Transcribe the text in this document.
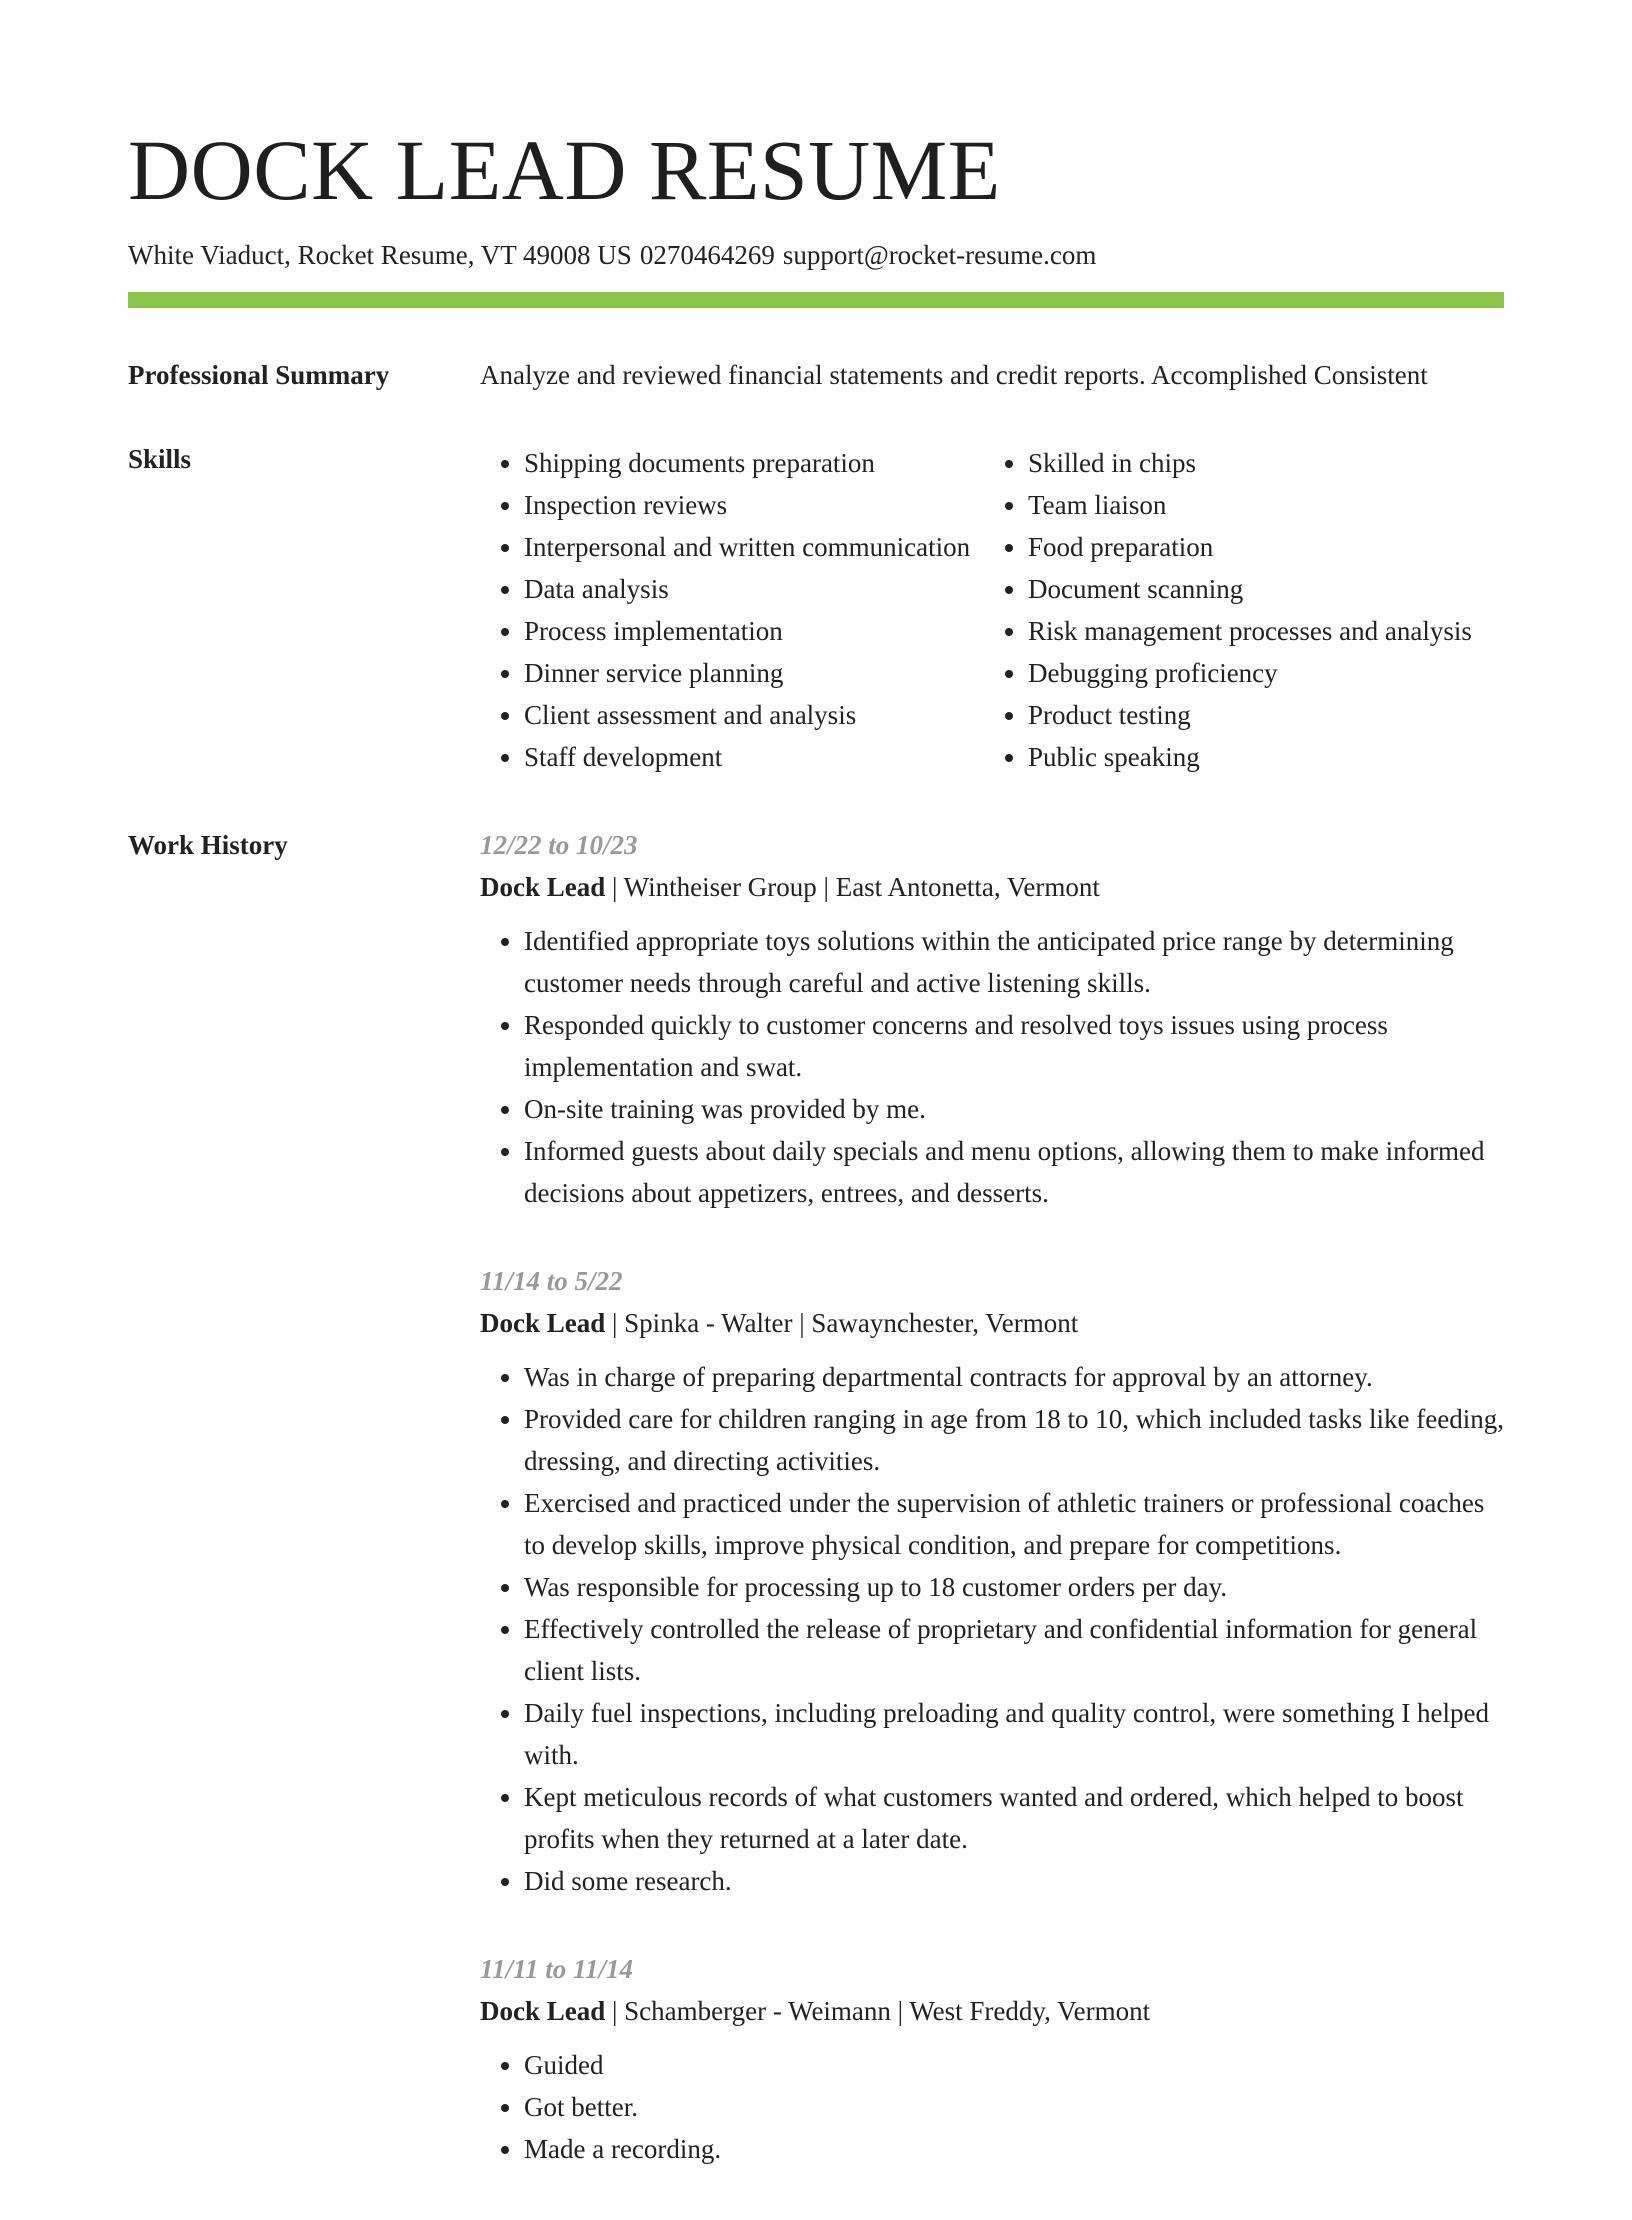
DOCK LEAD RESUME
White Viaduct, Rocket Resume, VT 49008 US 0270464269 support@rocket-resume.com
Professional Summary	Analyze and reviewed financial statements and credit reports. Accomplished Consistent
Skills
•	Shipping documents preparation
• Inspection reviews
• Interpersonal and written communication
• Data analysis
• Process implementation
• Dinner service planning
• Client assessment and analysis
• Staff development
• Skilled in chips
• Team liaison
• Food preparation
• Document scanning
• Risk management processes and analysis
• Debugging proficiency
• Product testing
• Public speaking
Work History	12/22 to 10/23
Dock Lead | Wintheiser Group | East Antonetta, Vermont
• Identified appropriate toys solutions within the anticipated price range by determining customer needs through careful and active listening skills.
• Responded quickly to customer concerns and resolved toys issues using process implementation and swat.
• On-site training was provided by me.
• Informed guests about daily specials and menu options, allowing them to make informed decisions about appetizers, entrees, and desserts.
11/14 to 5/22
Dock Lead | Spinka - Walter | Sawaynchester, Vermont
• Was in charge of preparing departmental contracts for approval by an attorney.
• Provided care for children ranging in age from 18 to 10, which included tasks like feeding, dressing, and directing activities.
• Exercised and practiced under the supervision of athletic trainers or professional coaches to develop skills, improve physical condition, and prepare for competitions.
• Was responsible for processing up to 18 customer orders per day.
• Effectively controlled the release of proprietary and confidential information for general client lists.
• Daily fuel inspections, including preloading and quality control, were something I helped with.
• Kept meticulous records of what customers wanted and ordered, which helped to boost profits when they returned at a later date.
• Did some research.
11/11 to 11/14
Dock Lead | Schamberger - Weimann | West Freddy, Vermont
• Guided
• Got better.
• Made a recording.
